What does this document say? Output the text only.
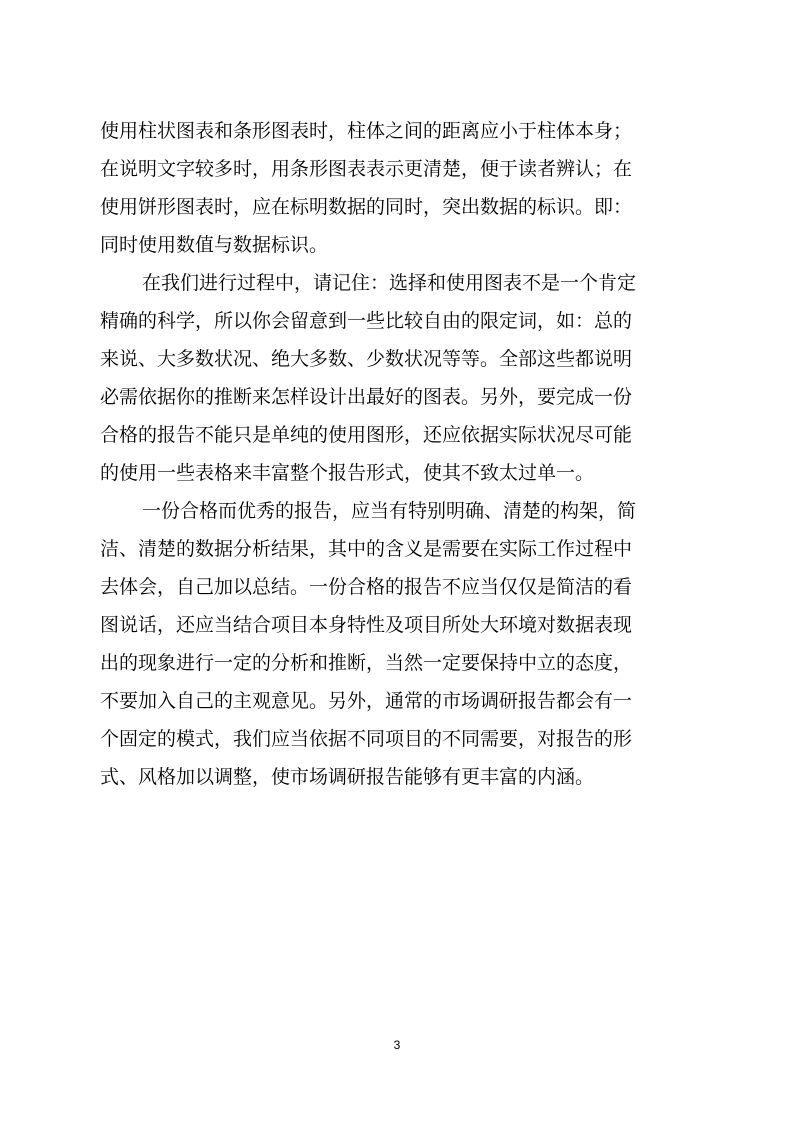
使用柱状图表和条形图表时，柱体之间的距离应小于柱体本身；
在说明文字较多时，用条形图表表示更清楚，便于读者辨认；在
使用饼形图表时，应在标明数据的同时，突出数据的标识。即：
同时使用数值与数据标识。
在我们进行过程中，请记住：选择和使用图表不是一个肯定
精确的科学，所以你会留意到一些比较自由的限定词，如：总的
来说、大多数状况、绝大多数、少数状况等等。全部这些都说明
必需依据你的推断来怎样设计出最好的图表。另外，要完成一份
合格的报告不能只是单纯的使用图形，还应依据实际状况尽可能
的使用一些表格来丰富整个报告形式，使其不致太过单一。
一份合格而优秀的报告，应当有特别明确、清楚的构架，简
洁、清楚的数据分析结果，其中的含义是需要在实际工作过程中
去体会，自己加以总结。一份合格的报告不应当仅仅是简洁的看
图说话，还应当结合项目本身特性及项目所处大环境对数据表现
出的现象进行一定的分析和推断，当然一定要保持中立的态度，
不要加入自己的主观意见。另外，通常的市场调研报告都会有一
个固定的模式，我们应当依据不同项目的不同需要，对报告的形
式、风格加以调整，使市场调研报告能够有更丰富的内涵。
3
